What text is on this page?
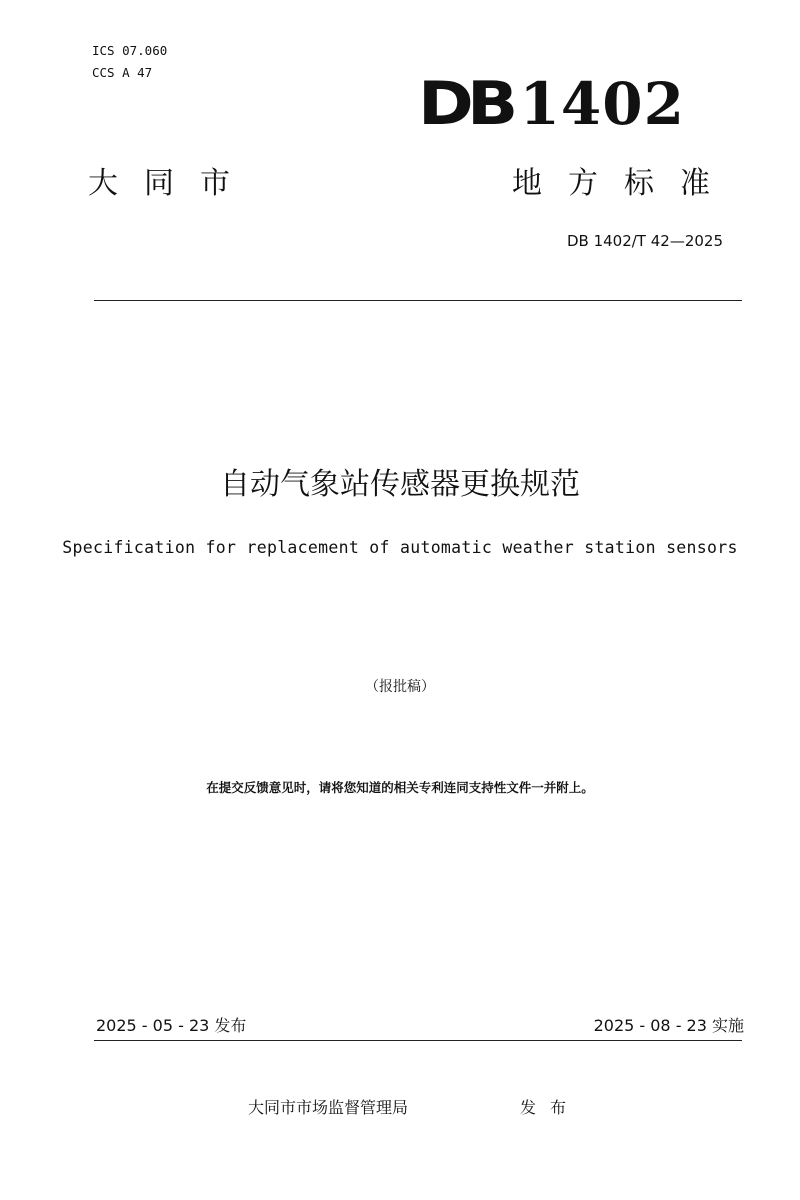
ICS 07.060
CCS A 47	DB 1402
大同市	地方标准
DB 1402/T 42—2025
自动气象站传感器更换规范
Specification for replacement of automatic weather station sensors
（报批稿）
在提交反馈意见时，请将您知道的相关专利连同支持性文件一并附上。
2025 - 05 - 23 发布	2025 - 08 - 23 实施
大同市市场监督管理局	发布
